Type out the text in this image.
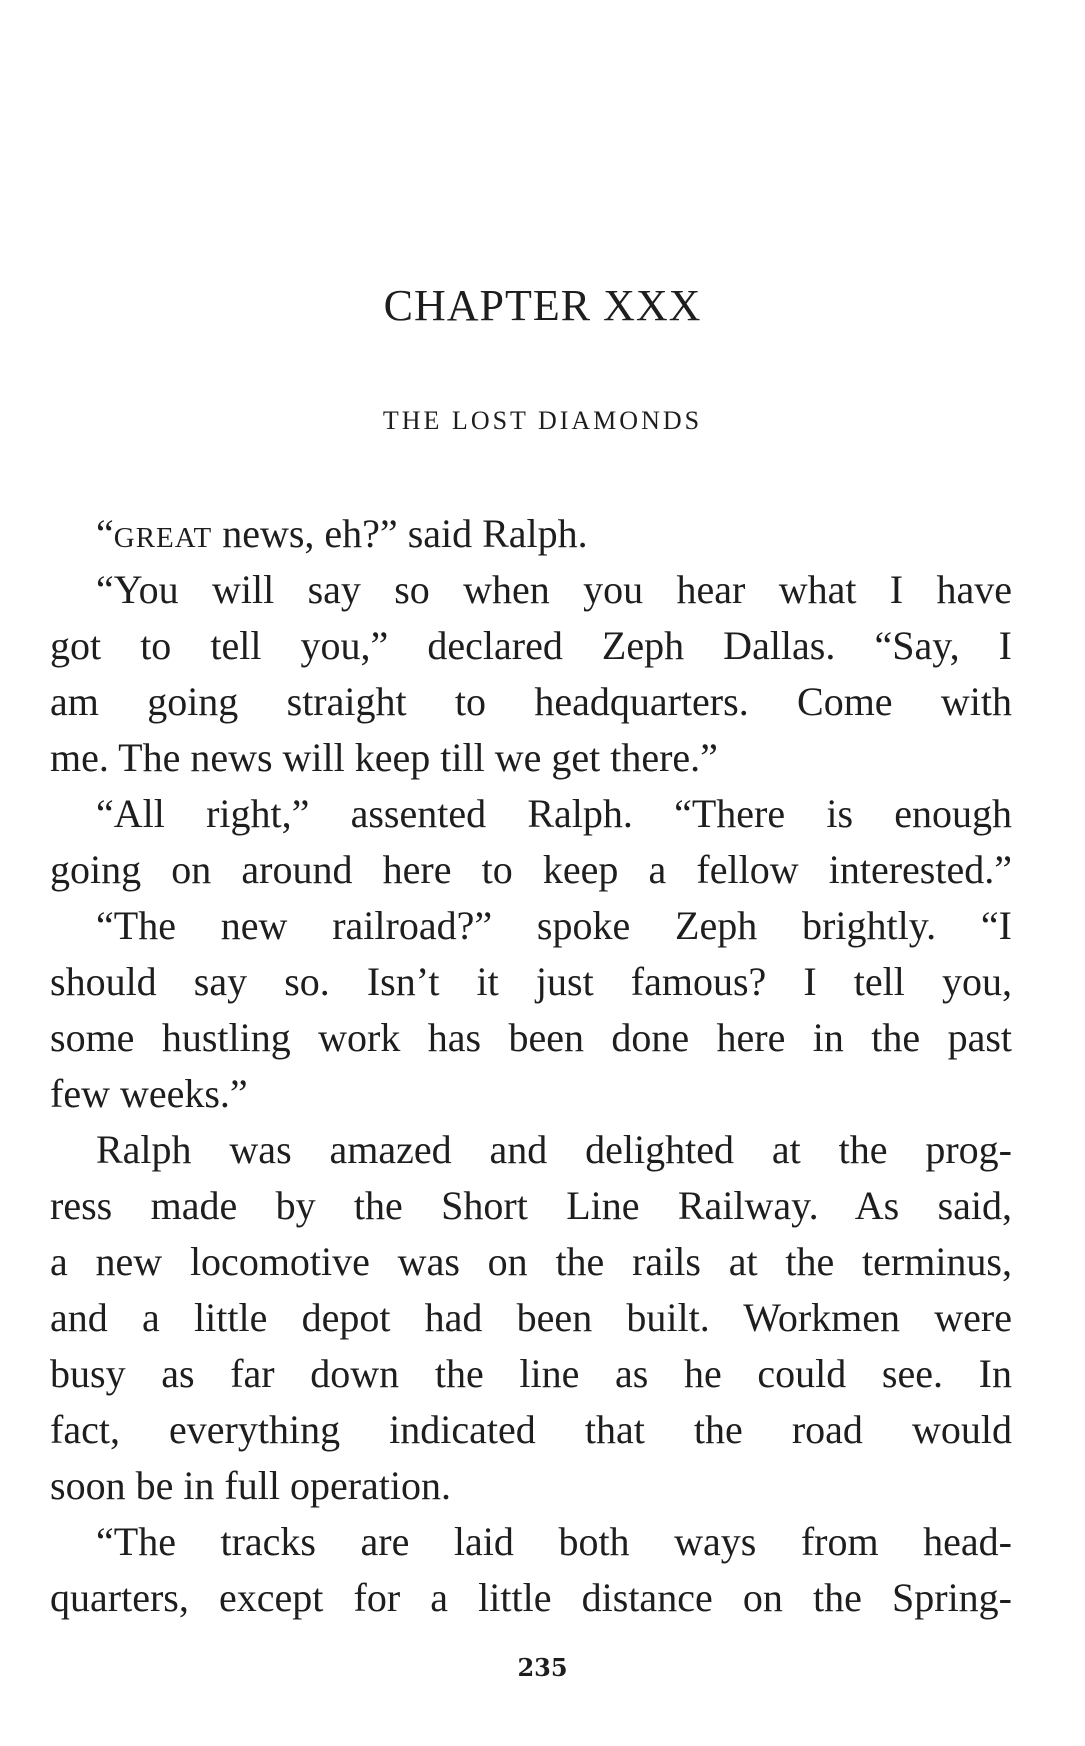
CHAPTER XXX
THE LOST DIAMONDS
“GREAT news, eh?” said Ralph.
“You will say so when you hear what I have
got to tell you,” declared Zeph Dallas. “Say, I
am going straight to headquarters. Come with
me. The news will keep till we get there.”
“All right,” assented Ralph. “There is enough
going on around here to keep a fellow interested.”
“The new railroad?” spoke Zeph brightly. “I
should say so. Isn’t it just famous? I tell you,
some hustling work has been done here in the past
few weeks.”
Ralph was amazed and delighted at the prog-
ress made by the Short Line Railway. As said,
a new locomotive was on the rails at the terminus,
and a little depot had been built. Workmen were
busy as far down the line as he could see. In
fact, everything indicated that the road would
soon be in full operation.
“The tracks are laid both ways from head-
quarters, except for a little distance on the Spring-
235
